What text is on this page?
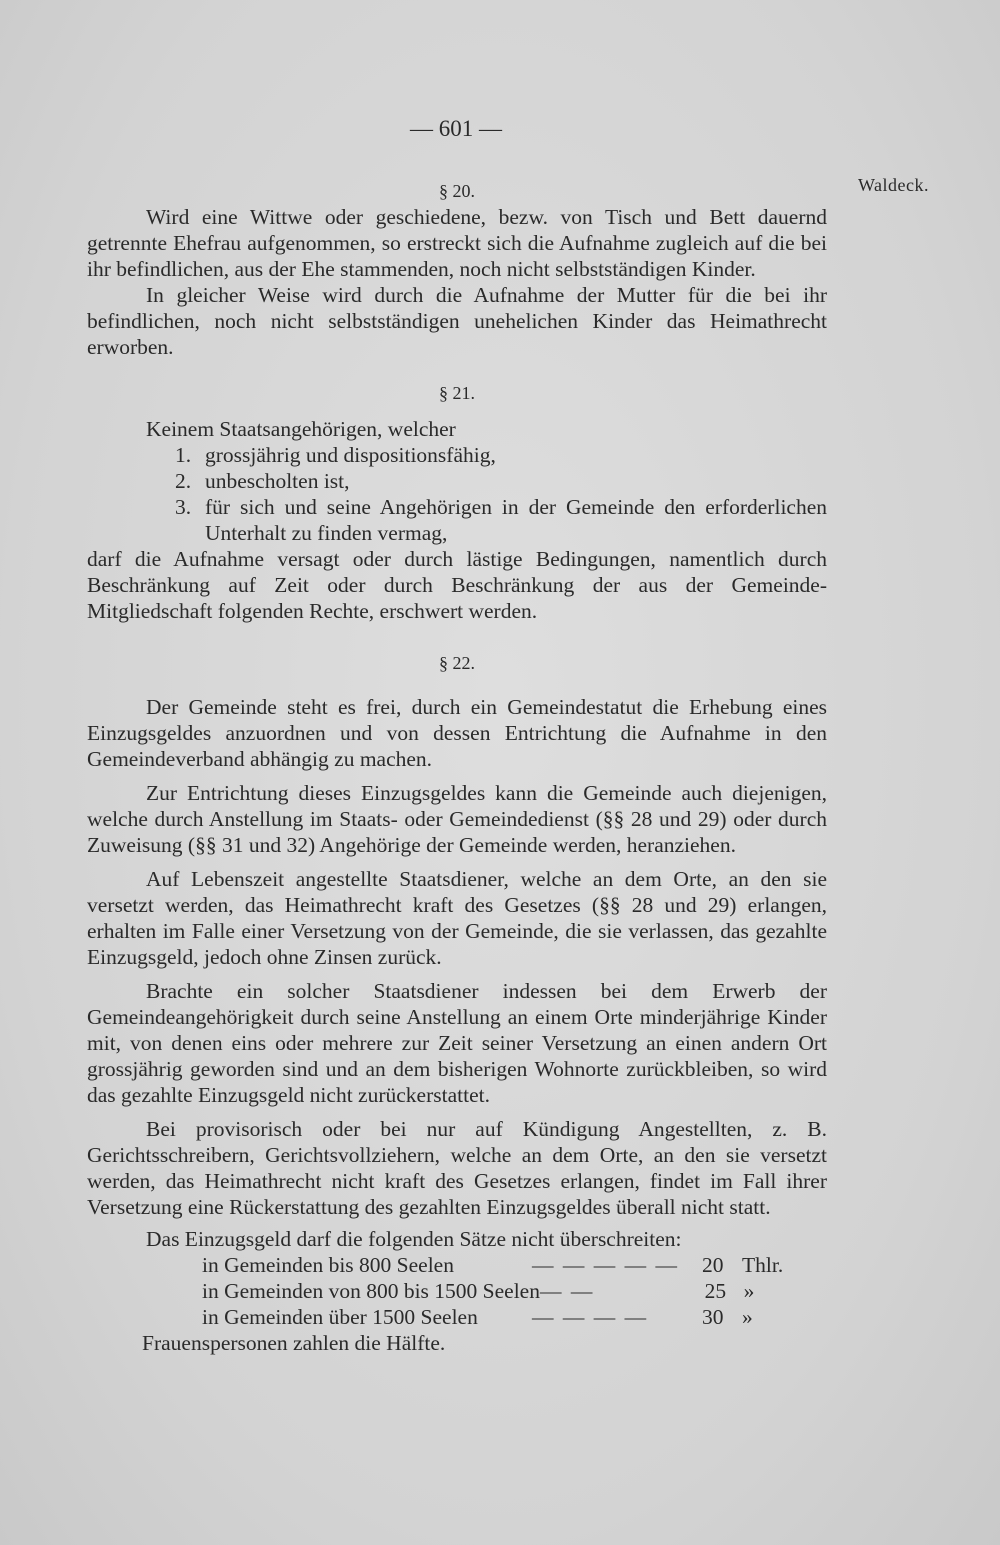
— 601 —
Waldeck.
§ 20.

Wird eine Wittwe oder geschiedene, bezw. von Tisch und Bett dauernd getrennte Ehefrau aufgenommen, so erstreckt sich die Aufnahme zugleich auf die bei ihr befindlichen, aus der Ehe stammenden, noch nicht selbstständigen Kinder.

In gleicher Weise wird durch die Aufnahme der Mutter für die bei ihr befindlichen, noch nicht selbstständigen unehelichen Kinder das Heimathrecht erworben.

§ 21.

Keinem Staatsangehörigen, welcher

1. grossjährig und dispositionsfähig,
2. unbescholten ist,
3. für sich und seine Angehörigen in der Gemeinde den erforderlichen Unterhalt zu finden vermag,

darf die Aufnahme versagt oder durch lästige Bedingungen, namentlich durch Beschränkung auf Zeit oder durch Beschränkung der aus der Gemeinde-Mitgliedschaft folgenden Rechte, erschwert werden.

§ 22.

Der Gemeinde steht es frei, durch ein Gemeindestatut die Erhebung eines Einzugsgeldes anzuordnen und von dessen Entrichtung die Aufnahme in den Gemeindeverband abhängig zu machen.

Zur Entrichtung dieses Einzugsgeldes kann die Gemeinde auch diejenigen, welche durch Anstellung im Staats- oder Gemeindedienst (§§ 28 und 29) oder durch Zuweisung (§§ 31 und 32) Angehörige der Gemeinde werden, heranziehen.

Auf Lebenszeit angestellte Staatsdiener, welche an dem Orte, an den sie versetzt werden, das Heimathrecht kraft des Gesetzes (§§ 28 und 29) erlangen, erhalten im Falle einer Versetzung von der Gemeinde, die sie verlassen, das gezahlte Einzugsgeld, jedoch ohne Zinsen zurück.

Brachte ein solcher Staatsdiener indessen bei dem Erwerb der Gemeindeangehörigkeit durch seine Anstellung an einem Orte minderjährige Kinder mit, von denen eins oder mehrere zur Zeit seiner Versetzung an einen andern Ort grossjährig geworden sind und an dem bisherigen Wohnorte zurückbleiben, so wird das gezahlte Einzugsgeld nicht zurückerstattet.

Bei provisorisch oder bei nur auf Kündigung Angestellten, z. B. Gerichtsschreibern, Gerichtsvollziehern, welche an dem Orte, an den sie versetzt werden, das Heimathrecht nicht kraft des Gesetzes erlangen, findet im Fall ihrer Versetzung eine Rückerstattung des gezahlten Einzugsgeldes überall nicht statt.

Das Einzugsgeld darf die folgenden Sätze nicht überschreiten:

in Gemeinden bis 800 Seelen	— — — — —	20 Thlr.
in Gemeinden von 800 bis 1500 Seelen — —	25 »
in Gemeinden über 1500 Seelen	— — — —	30 »

Frauenspersonen zahlen die Hälfte.
